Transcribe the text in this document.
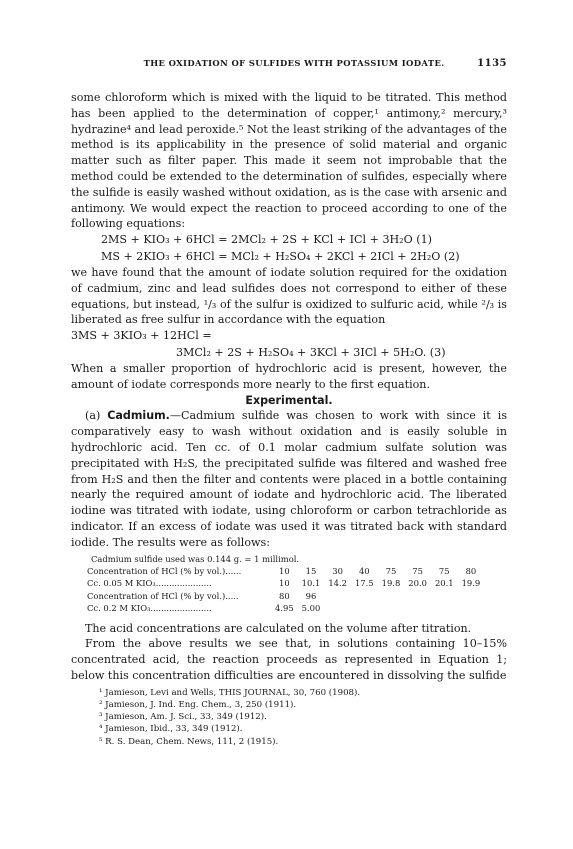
THE OXIDATION OF SULFIDES WITH POTASSIUM IODATE.	1135

some chloroform which is mixed with the liquid to be titrated. This method has been applied to the determination of copper,¹ antimony,² mercury,³ hydrazine⁴ and lead peroxide.⁵ Not the least striking of the advantages of the method is its applicability in the presence of solid material and organic matter such as filter paper. This made it seem not improbable that the method could be extended to the determination of sulfides, especially where the sulfide is easily washed without oxidation, as is the case with arsenic and antimony. We would expect the reaction to proceed according to one of the following equations:

2MS + KIO₃ + 6HCl = 2MCl₂ + 2S + KCl + ICl + 3H₂O (1)
MS + 2KIO₃ + 6HCl = MCl₂ + H₂SO₄ + 2KCl + 2ICl + 2H₂O (2)

we have found that the amount of iodate solution required for the oxidation of cadmium, zinc and lead sulfides does not correspond to either of these equations, but instead, ¹/₃ of the sulfur is oxidized to sulfuric acid, while ²/₃ is liberated as free sulfur in accordance with the equation

3MS + 3KIO₃ + 12HCl =
3MCl₂ + 2S + H₂SO₄ + 3KCl + 3ICl + 5H₂O. (3)

When a smaller proportion of hydrochloric acid is present, however, the amount of iodate corresponds more nearly to the first equation.

Experimental.

(a) Cadmium.—Cadmium sulfide was chosen to work with since it is comparatively easy to wash without oxidation and is easily soluble in hydrochloric acid. Ten cc. of 0.1 molar cadmium sulfate solution was precipitated with H₂S, the precipitated sulfide was filtered and washed free from H₂S and then the filter and contents were placed in a bottle containing nearly the required amount of iodate and hydrochloric acid. The liberated iodine was titrated with iodate, using chloroform or carbon tetrachloride as indicator. If an excess of iodate was used it was titrated back with standard iodide. The results were as follows:

Cadmium sulfide used was 0.144 g. = 1 millimol.								
Concentration of HCl (% by vol.)......	10	15	30	40	75	75	75	80
Cc. 0.05 M KIO₃.....................	10	10.1	14.2	17.5	19.8	20.0	20.1	19.9
Concentration of HCl (% by vol.).....	80	96						
Cc. 0.2 M KIO₃.......................	4.95	5.00						

The acid concentrations are calculated on the volume after titration.

From the above results we see that, in solutions containing 10–15% concentrated acid, the reaction proceeds as represented in Equation 1; below this concentration difficulties are encountered in dissolving the sulfide

¹ Jamieson, Levi and Wells, THIS JOURNAL, 30, 760 (1908).
² Jamieson, J. Ind. Eng. Chem., 3, 250 (1911).
³ Jamieson, Am. J. Sci., 33, 349 (1912).
⁴ Jamieson, Ibid., 33, 349 (1912).
⁵ R. S. Dean, Chem. News, 111, 2 (1915).
